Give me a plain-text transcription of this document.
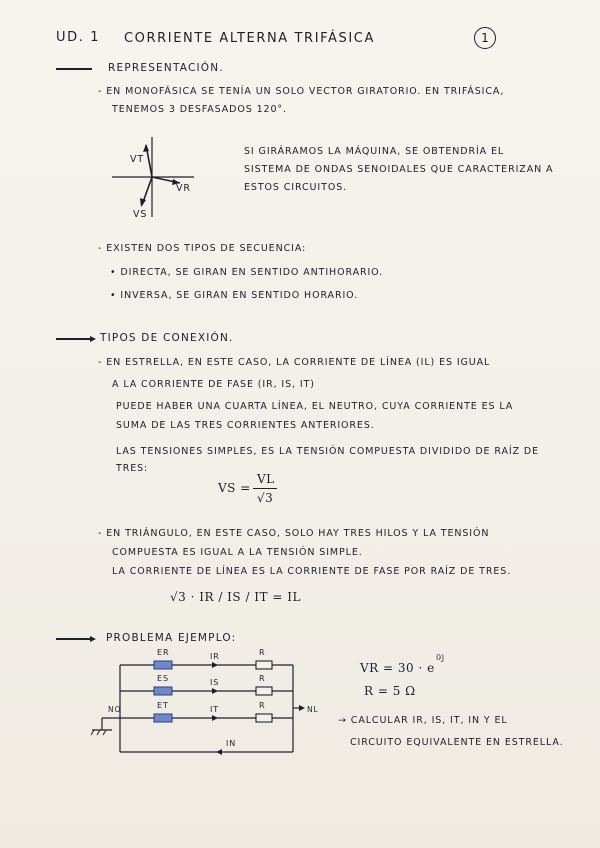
UD. 1 CORRIENTE ALTERNA TRIFÁSICA	1
REPRESENTACIÓN.
- EN MONOFÁSICA SE TENÍA UN SOLO VECTOR GIRATORIO. EN TRIFÁSICA,
TENEMOS 3 DESFASADOS 120°.
VT
VR
VS
SI GIRÁRAMOS LA MÁQUINA, SE OBTENDRÍA EL
SISTEMA DE ONDAS SENOIDALES QUE CARACTERIZAN A
ESTOS CIRCUITOS.
- EXISTEN DOS TIPOS DE SECUENCIA:
• DIRECTA, SE GIRAN EN SENTIDO ANTIHORARIO.
• INVERSA, SE GIRAN EN SENTIDO HORARIO.
TIPOS DE CONEXIÓN.
- EN ESTRELLA, EN ESTE CASO, LA CORRIENTE DE LÍNEA (IL) ES IGUAL
A LA CORRIENTE DE FASE (IR, IS, IT)
PUEDE HABER UNA CUARTA LÍNEA, EL NEUTRO, CUYA CORRIENTE ES LA
SUMA DE LAS TRES CORRIENTES ANTERIORES.
LAS TENSIONES SIMPLES, ES LA TENSIÓN COMPUESTA DIVIDIDO DE RAÍZ DE
TRES:
VS =
VL
√3
- EN TRIÁNGULO, EN ESTE CASO, SOLO HAY TRES HILOS Y LA TENSIÓN
COMPUESTA ES IGUAL A LA TENSIÓN SIMPLE.
LA CORRIENTE DE LÍNEA ES LA CORRIENTE DE FASE POR RAÍZ DE TRES.
√3 · IR / IS / IT = IL
PROBLEMA EJEMPLO:
ER
ES
ET
IR
IS
IT
IN
R
R
R
NO	NL
VR = 30 · e
0j
R = 5 Ω
→ CALCULAR IR, IS, IT, IN Y EL
CIRCUITO EQUIVALENTE EN ESTRELLA.
